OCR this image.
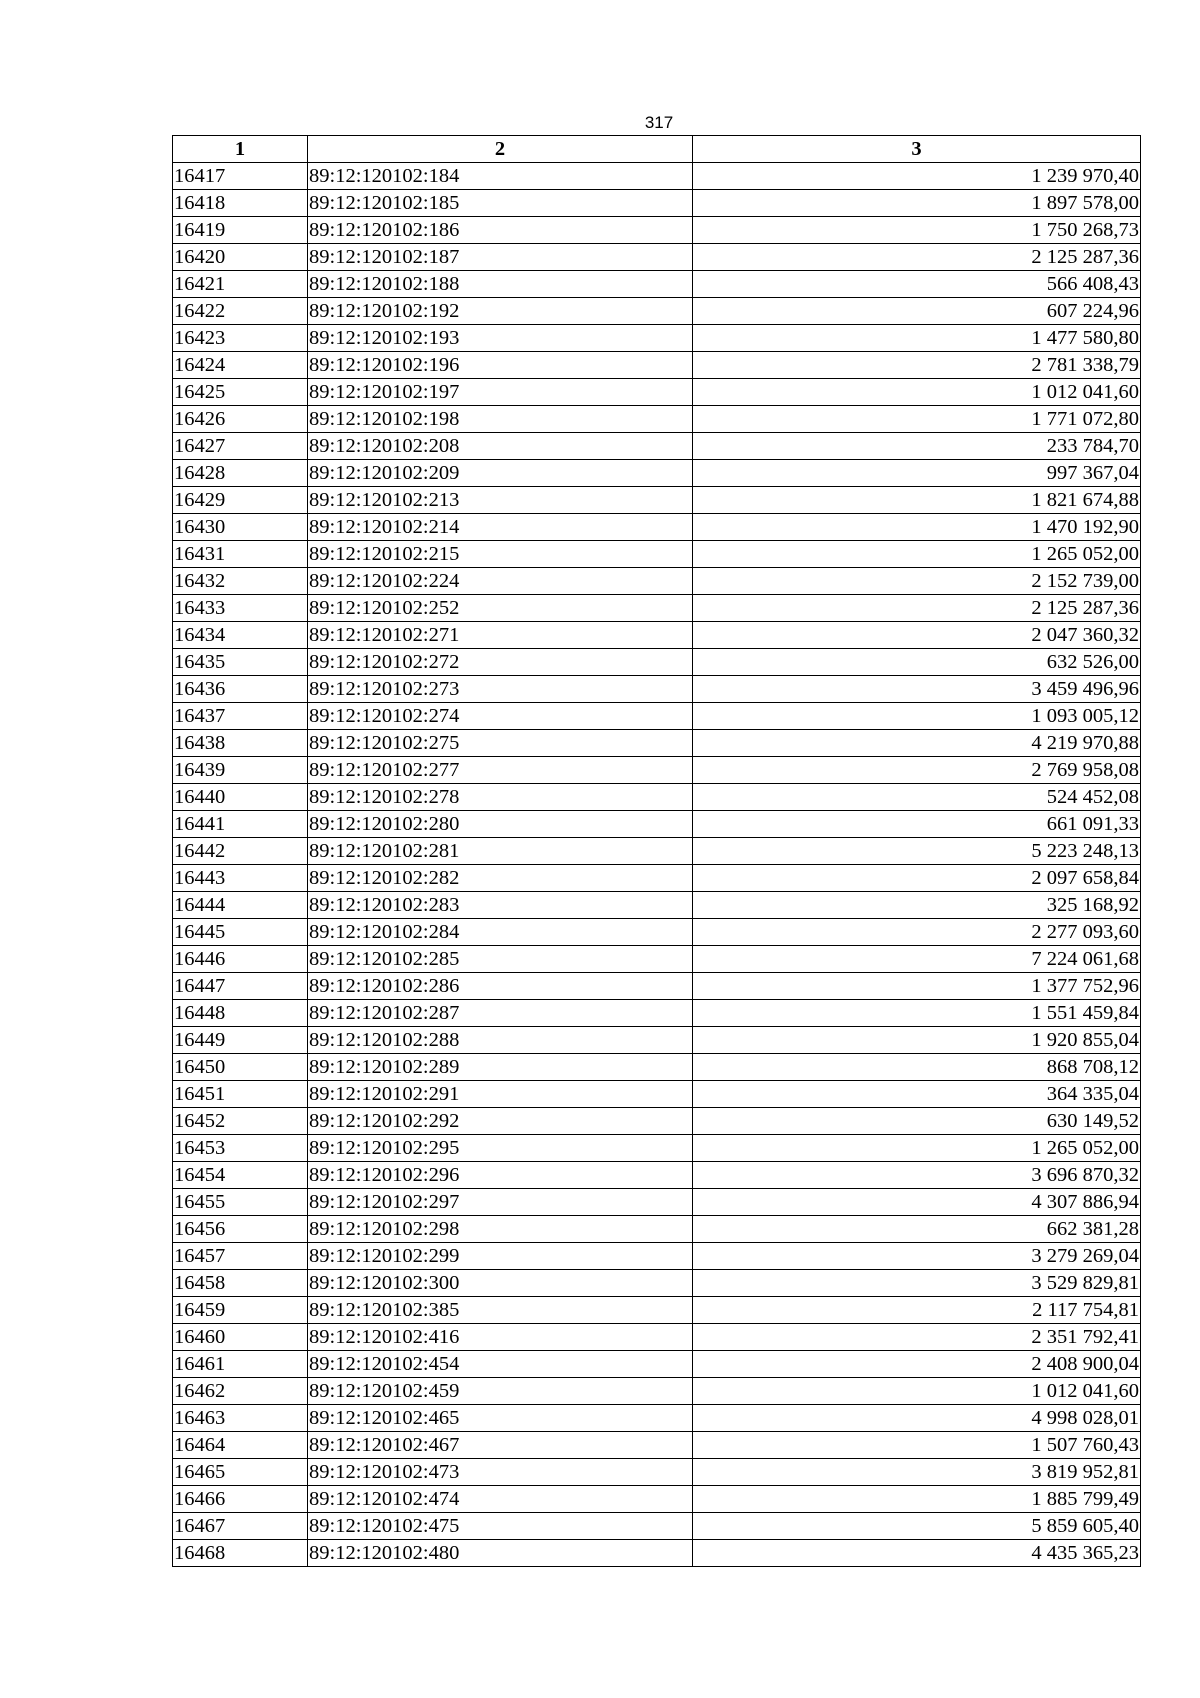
317
1	2	3
16417	89:12:120102:184	1 239 970,40
16418	89:12:120102:185	1 897 578,00
16419	89:12:120102:186	1 750 268,73
16420	89:12:120102:187	2 125 287,36
16421	89:12:120102:188	566 408,43
16422	89:12:120102:192	607 224,96
16423	89:12:120102:193	1 477 580,80
16424	89:12:120102:196	2 781 338,79
16425	89:12:120102:197	1 012 041,60
16426	89:12:120102:198	1 771 072,80
16427	89:12:120102:208	233 784,70
16428	89:12:120102:209	997 367,04
16429	89:12:120102:213	1 821 674,88
16430	89:12:120102:214	1 470 192,90
16431	89:12:120102:215	1 265 052,00
16432	89:12:120102:224	2 152 739,00
16433	89:12:120102:252	2 125 287,36
16434	89:12:120102:271	2 047 360,32
16435	89:12:120102:272	632 526,00
16436	89:12:120102:273	3 459 496,96
16437	89:12:120102:274	1 093 005,12
16438	89:12:120102:275	4 219 970,88
16439	89:12:120102:277	2 769 958,08
16440	89:12:120102:278	524 452,08
16441	89:12:120102:280	661 091,33
16442	89:12:120102:281	5 223 248,13
16443	89:12:120102:282	2 097 658,84
16444	89:12:120102:283	325 168,92
16445	89:12:120102:284	2 277 093,60
16446	89:12:120102:285	7 224 061,68
16447	89:12:120102:286	1 377 752,96
16448	89:12:120102:287	1 551 459,84
16449	89:12:120102:288	1 920 855,04
16450	89:12:120102:289	868 708,12
16451	89:12:120102:291	364 335,04
16452	89:12:120102:292	630 149,52
16453	89:12:120102:295	1 265 052,00
16454	89:12:120102:296	3 696 870,32
16455	89:12:120102:297	4 307 886,94
16456	89:12:120102:298	662 381,28
16457	89:12:120102:299	3 279 269,04
16458	89:12:120102:300	3 529 829,81
16459	89:12:120102:385	2 117 754,81
16460	89:12:120102:416	2 351 792,41
16461	89:12:120102:454	2 408 900,04
16462	89:12:120102:459	1 012 041,60
16463	89:12:120102:465	4 998 028,01
16464	89:12:120102:467	1 507 760,43
16465	89:12:120102:473	3 819 952,81
16466	89:12:120102:474	1 885 799,49
16467	89:12:120102:475	5 859 605,40
16468	89:12:120102:480	4 435 365,23
